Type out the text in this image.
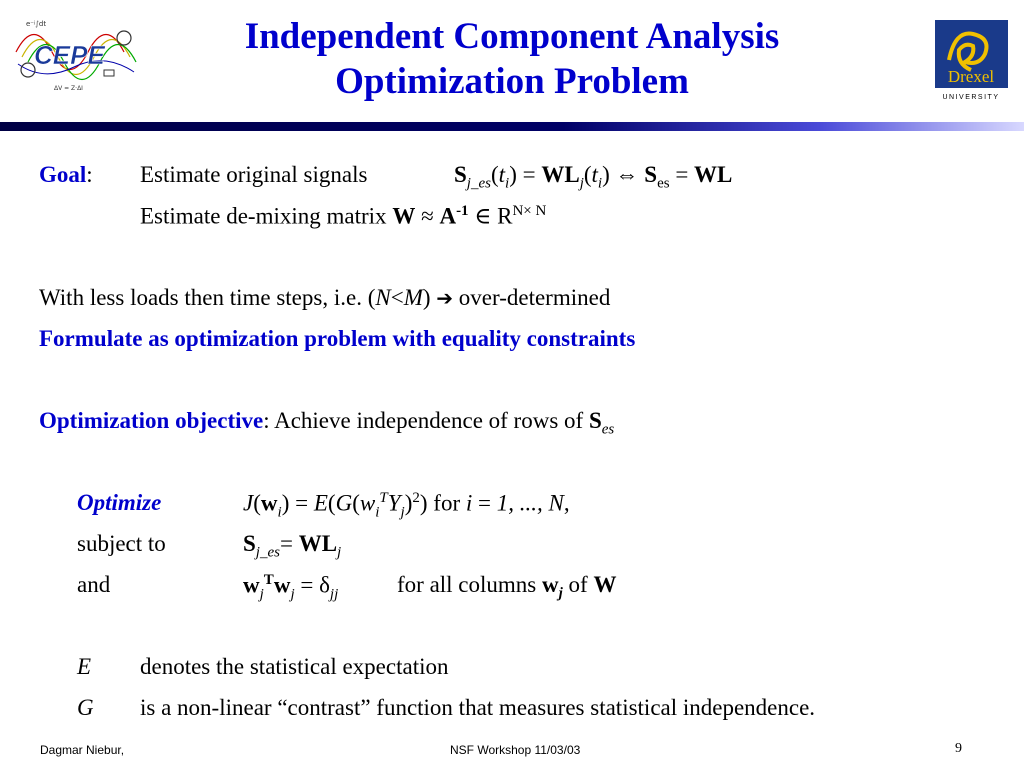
e⁻ʲ∫dt
ΔV = Z·ΔI
CEPE	Independent Component Analysis
Optimization Problem	Drexel
UNIVERSITY
Goal: Estimate original signals	$S_{j\_es}(t_i) = WL_j(t_i)$ ⇔ $S_{es}$ = WL
Estimate de-mixing matrix $W \approx A^{-1}$ ∈ $R^{N\times N}$
With less loads then time steps, i.e. (N<M) ➔ over-determined
Formulate as optimization problem with equality constraints
Optimization objective: Achieve independence of rows of $S_{es}$
Optimize	$J(w_i) = E(G(w_i^TY_j)^2)$ for i = 1, ..., N,
subject to	$S_{j\_es}= WL_j$
and	$w_j^Tw_j = \delta_{jj}$	for all columns $w_j$ of W
E denotes the statistical expectation
G is a non-linear “contrast” function that measures statistical independence.
Dagmar Niebur,	NSF Workshop 11/03/03	9
